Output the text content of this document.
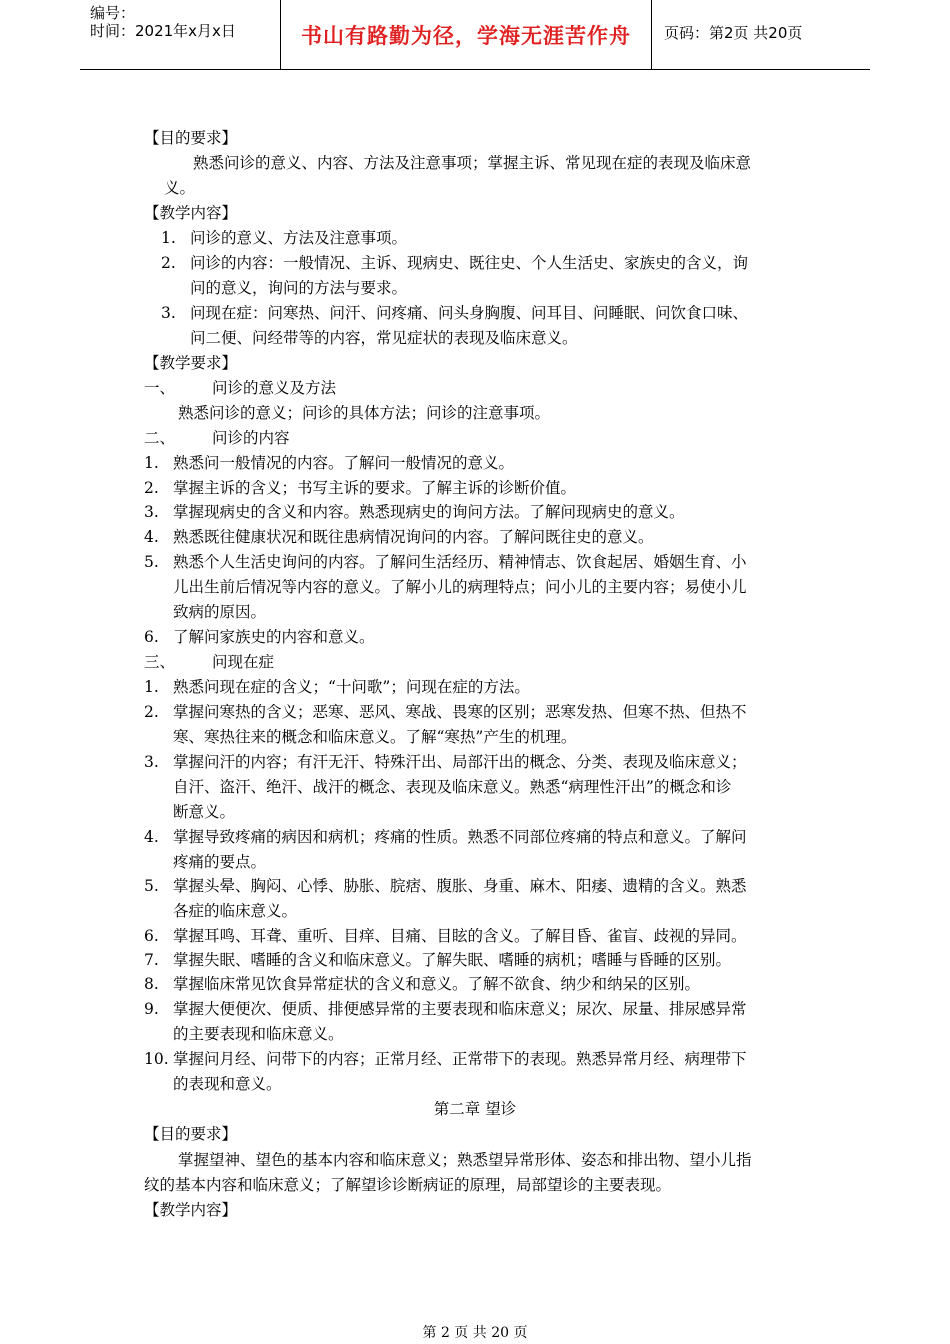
编号：
时间：2021年x月x日	书山有路勤为径，学海无涯苦作舟	页码：第2页 共20页
【目的要求】
熟悉问诊的意义、内容、方法及注意事项；掌握主诉、常见现在症的表现及临床意
义。
【教学内容】
1. 问诊的意义、方法及注意事项。
2. 问诊的内容：一般情况、主诉、现病史、既往史、个人生活史、家族史的含义，询
问的意义，询问的方法与要求。
3. 问现在症：问寒热、问汗、问疼痛、问头身胸腹、问耳目、问睡眠、问饮食口味、
问二便、问经带等的内容，常见症状的表现及临床意义。
【教学要求】
一、 问诊的意义及方法
熟悉问诊的意义；问诊的具体方法；问诊的注意事项。
二、 问诊的内容
1. 熟悉问一般情况的内容。了解问一般情况的意义。
2. 掌握主诉的含义；书写主诉的要求。了解主诉的诊断价值。
3. 掌握现病史的含义和内容。熟悉现病史的询问方法。了解问现病史的意义。
4. 熟悉既往健康状况和既往患病情况询问的内容。了解问既往史的意义。
5. 熟悉个人生活史询问的内容。了解问生活经历、精神情志、饮食起居、婚姻生育、小
儿出生前后情况等内容的意义。了解小儿的病理特点；问小儿的主要内容；易使小儿
致病的原因。
6. 了解问家族史的内容和意义。
三、 问现在症
1. 熟悉问现在症的含义；“十问歌”；问现在症的方法。
2. 掌握问寒热的含义；恶寒、恶风、寒战、畏寒的区别；恶寒发热、但寒不热、但热不
寒、寒热往来的概念和临床意义。了解“寒热”产生的机理。
3. 掌握问汗的内容；有汗无汗、特殊汗出、局部汗出的概念、分类、表现及临床意义；
自汗、盗汗、绝汗、战汗的概念、表现及临床意义。熟悉“病理性汗出”的概念和诊
断意义。
4. 掌握导致疼痛的病因和病机；疼痛的性质。熟悉不同部位疼痛的特点和意义。了解问
疼痛的要点。
5. 掌握头晕、胸闷、心悸、胁胀、脘痞、腹胀、身重、麻木、阳痿、遗精的含义。熟悉
各症的临床意义。
6. 掌握耳鸣、耳聋、重听、目痒、目痛、目眩的含义。了解目昏、雀盲、歧视的异同。
7. 掌握失眠、嗜睡的含义和临床意义。了解失眠、嗜睡的病机；嗜睡与昏睡的区别。
8. 掌握临床常见饮食异常症状的含义和意义。了解不欲食、纳少和纳呆的区别。
9. 掌握大便便次、便质、排便感异常的主要表现和临床意义；尿次、尿量、排尿感异常
的主要表现和临床意义。
10. 掌握问月经、问带下的内容；正常月经、正常带下的表现。熟悉异常月经、病理带下
的表现和意义。
第二章 望诊
【目的要求】
掌握望神、望色的基本内容和临床意义；熟悉望异常形体、姿态和排出物、望小儿指
纹的基本内容和临床意义；了解望诊诊断病证的原理，局部望诊的主要表现。
【教学内容】
第 2 页 共 20 页
